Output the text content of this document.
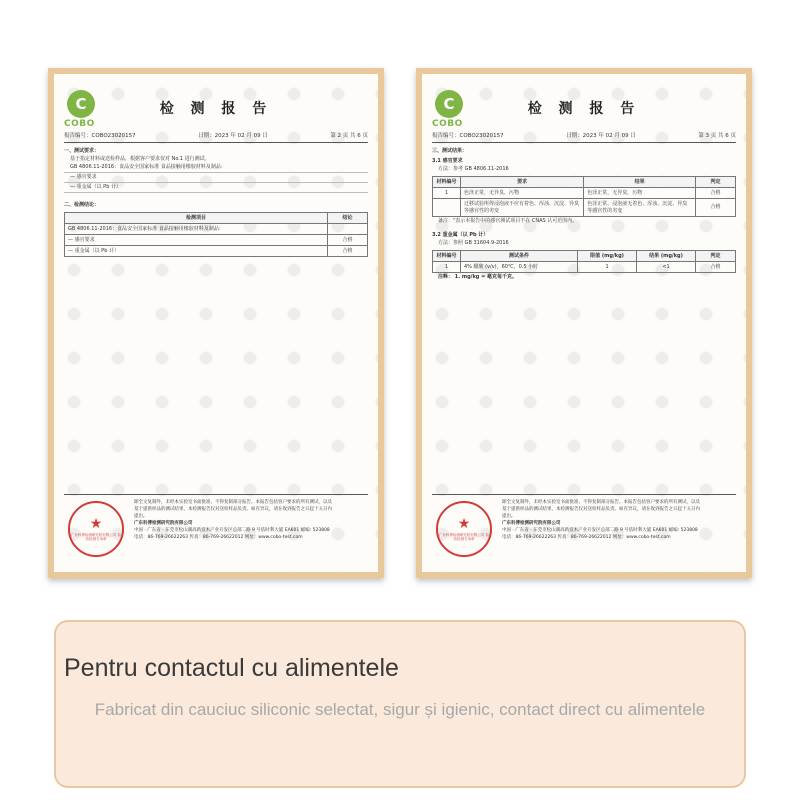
C
COBO
检 测 报 告
报告编号：COBO23020157	日期：2023 年 02 月 09 日	第 2 页 共 6 页
一、测试要求：
基于指定材料或送检样品，根据客户要求仅对 No.1 进行测试。
GB 4806.11-2016：食品安全国家标准 食品接触用橡胶材料及制品：
— 感官要求
— 重金属（以 Pb 计）
二、检测结论：
检测项目	结论
GB 4806.11-2016：食品安全国家标准 食品接触用橡胶材料及制品：	
— 感官要求	合格
— 重金属（以 Pb 计）	合格
★
广东科博检测研究院有限公司 检验检测专用章
除全文复制外，未经本实验室书面批准，不得复制部分报告。本报告包括客户要求的所有测试，以及
基于提供样品的测试结果，本检测报告仅对送检样品负责。如有异议，请在收到报告之日起十五日内
提出。
广东科博检测研究院有限公司
中国 · 广东省 · 东莞市松山湖高新技术产业开发区总部二路 9 号依时利大厦 EA601 邮编: 523808
电话：86-769-26622263 传真：86-769-26622012 网址：www.cobo-test.com
C
COBO
检 测 报 告
报告编号：COBO23020157	日期：2023 年 02 月 09 日	第 3 页 共 6 页
三、测试结果：
3.1 感官要求
方法：参考 GB 4806.11-2016
材料编号	要求	结果	判定
1	色泽正常，无异臭、污物	色泽正常，无异臭、污物	合格
	迁移试验所得浸泡液不应有着色、浑浊、沉淀、异臭等感官性的劣变	色泽正常，浸泡液无着色、浑浊、沉淀、异臭等感官性的劣变	合格
备注："表示本报告中的感官测试项目不在 CNAS 认可范围内。
3.2 重金属（以 Pb 计）
方法：参照 GB 31604.9-2016
材料编号	测试条件	限值 (mg/kg)	结果 (mg/kg)	判定
1	4% 醋酸 (v/v)，60℃，0.5 小时	1	<1	合格
注释： 1. mg/kg = 毫克每千克。
★
广东科博检测研究院有限公司 检验检测专用章
除全文复制外，未经本实验室书面批准，不得复制部分报告。本报告包括客户要求的所有测试，以及
基于提供样品的测试结果，本检测报告仅对送检样品负责。如有异议，请在收到报告之日起十五日内
提出。
广东科博检测研究院有限公司
中国 · 广东省 · 东莞市松山湖高新技术产业开发区总部二路 9 号依时利大厦 EA601 邮编: 523808
电话：86-769-26622263 传真：86-769-26622012 网址：www.cobo-test.com
Pentru contactul cu alimentele
Fabricat din cauciuc siliconic selectat, sigur și igienic, contact direct cu alimentele
